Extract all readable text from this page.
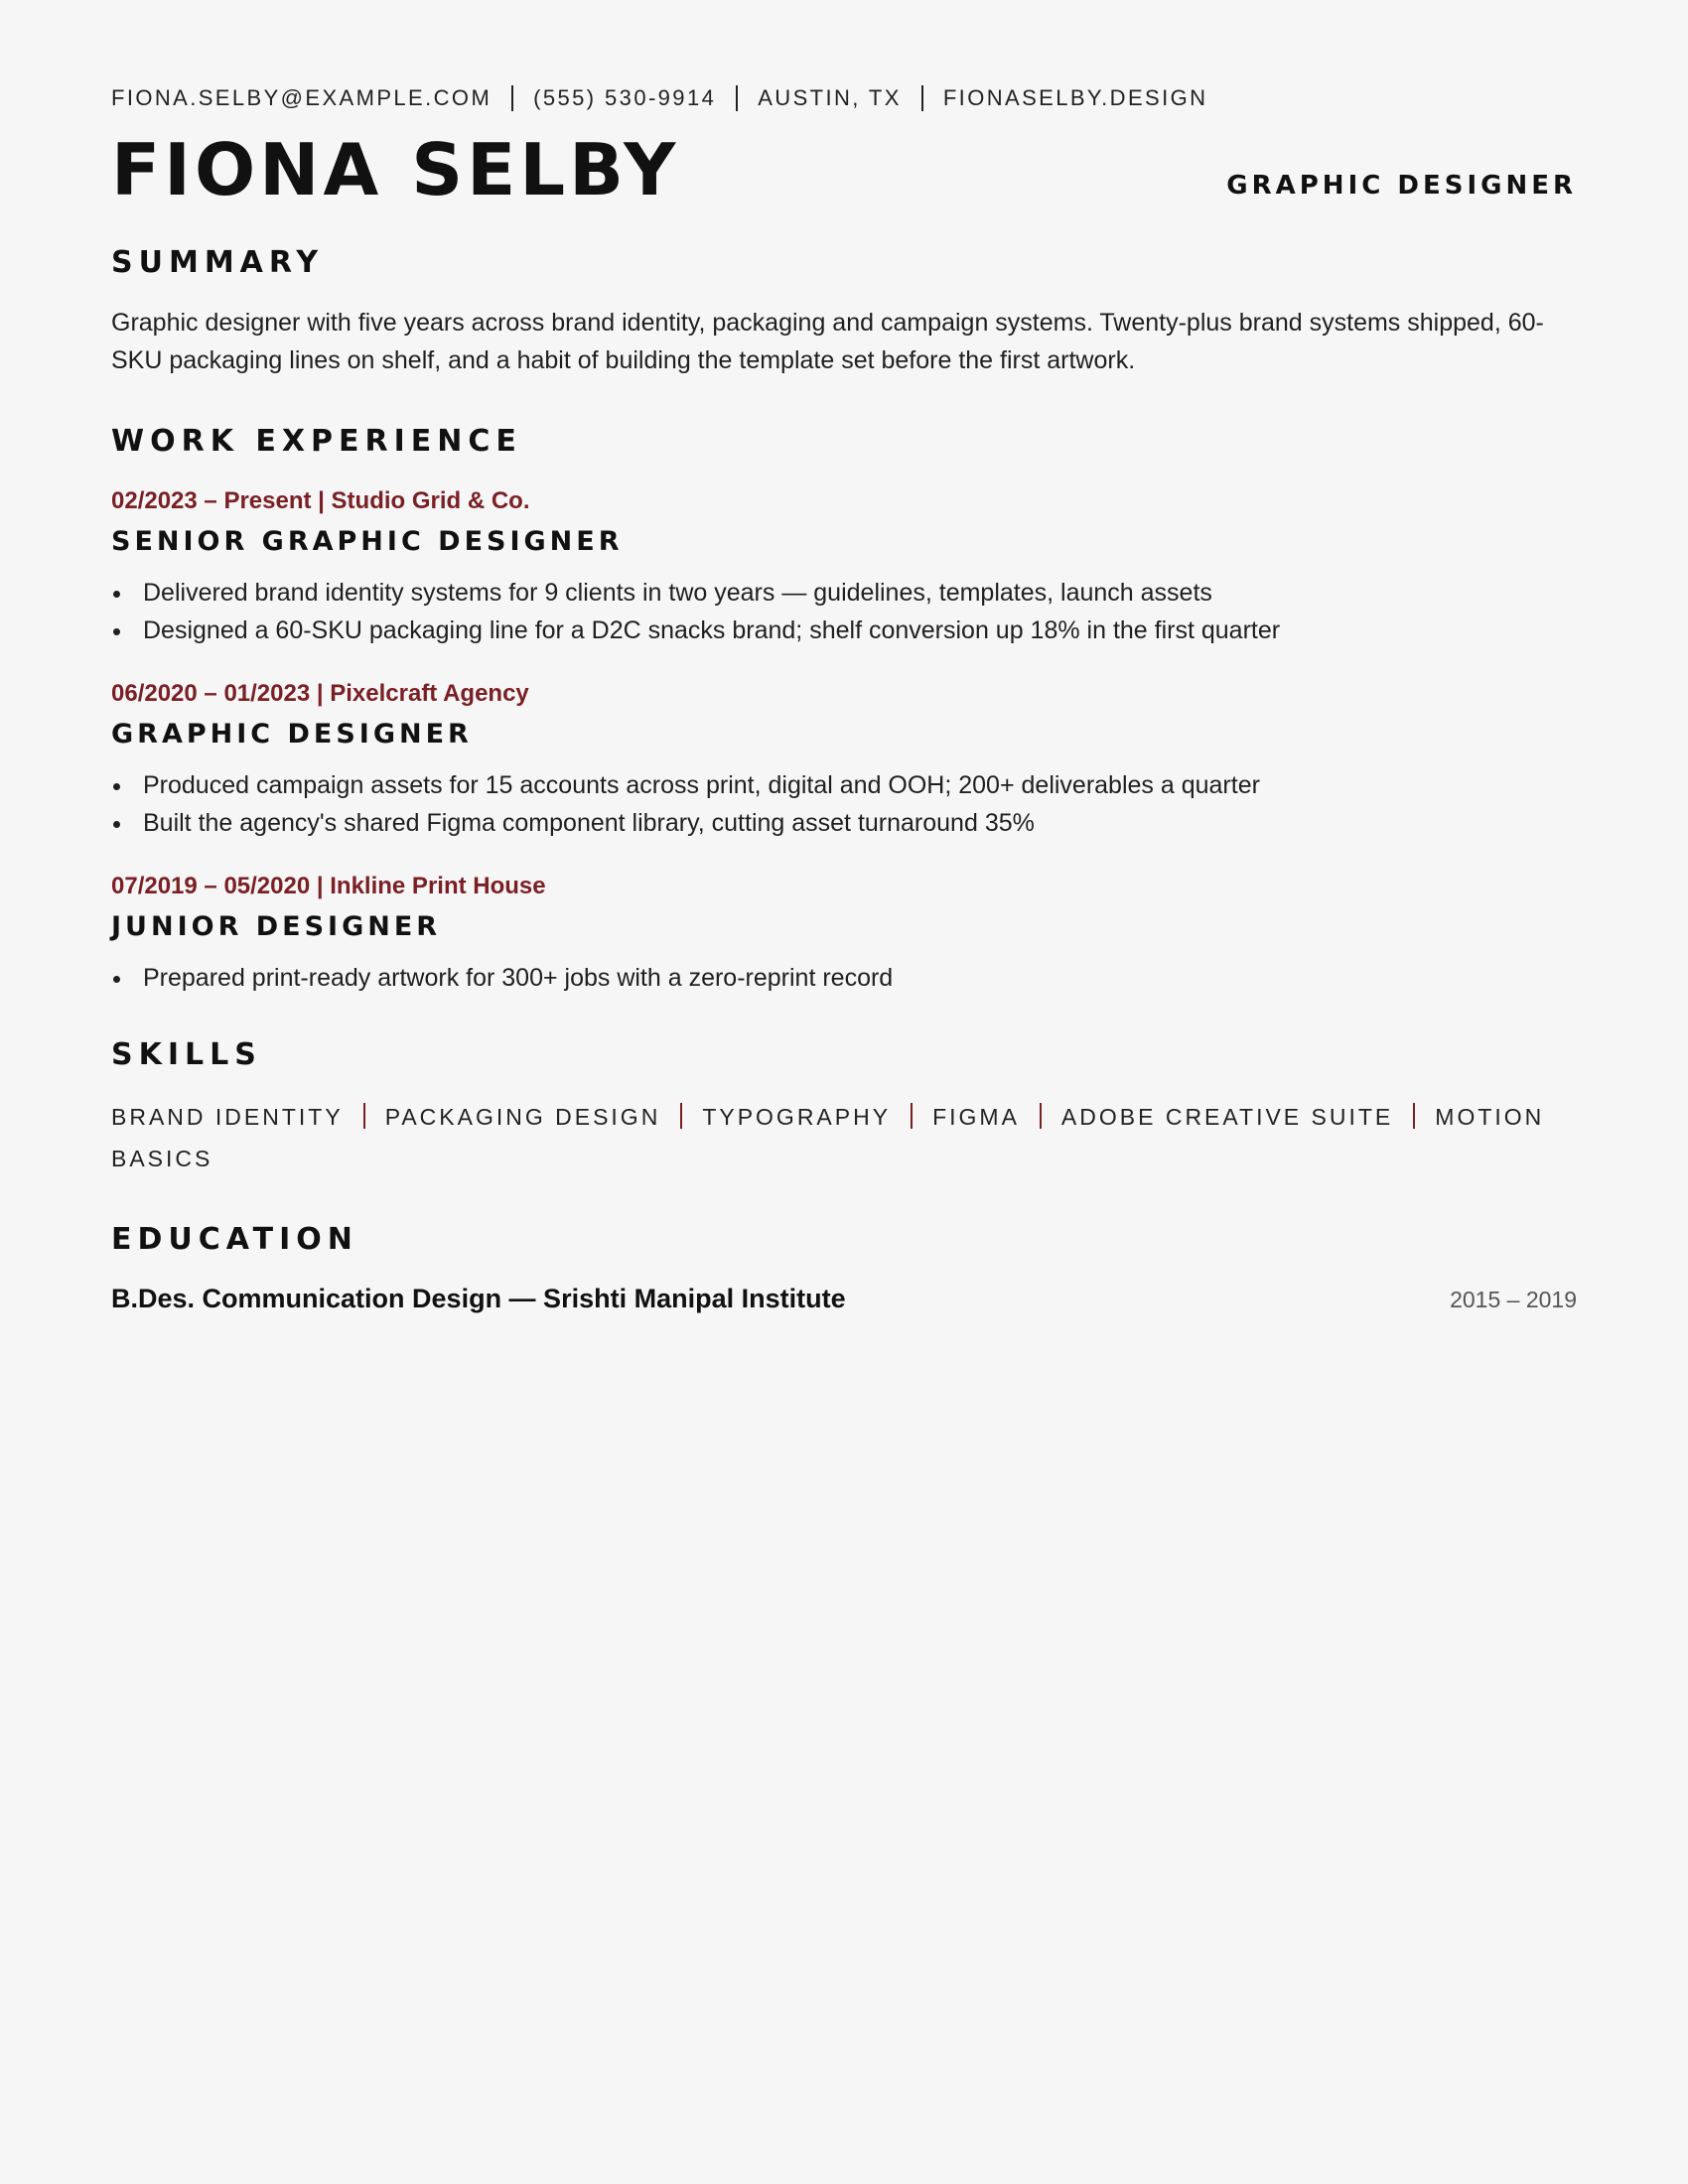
FIONA.SELBY@EXAMPLE.COM (555) 530-9914 AUSTIN, TX FIONASELBY.DESIGN
FIONA SELBY	GRAPHIC DESIGNER
SUMMARY

Graphic designer with five years across brand identity, packaging and campaign systems. Twenty-plus brand systems shipped, 60-SKU packaging lines on shelf, and a habit of building the template set before the first artwork.

WORK EXPERIENCE

02/2023 – Present | Studio Grid & Co.

SENIOR GRAPHIC DESIGNER
Delivered brand identity systems for 9 clients in two years — guidelines, templates, launch assets
Designed a 60-SKU packaging line for a D2C snacks brand; shelf conversion up 18% in the first quarter

06/2020 – 01/2023 | Pixelcraft Agency

GRAPHIC DESIGNER
Produced campaign assets for 15 accounts across print, digital and OOH; 200+ deliverables a quarter
Built the agency's shared Figma component library, cutting asset turnaround 35%

07/2019 – 05/2020 | Inkline Print House

JUNIOR DESIGNER
Prepared print-ready artwork for 300+ jobs with a zero-reprint record
SKILLS
BRAND IDENTITY PACKAGING DESIGN TYPOGRAPHY FIGMA ADOBE CREATIVE SUITE MOTION BASICS
EDUCATION
B.Des. Communication Design — Srishti Manipal Institute	2015 – 2019
